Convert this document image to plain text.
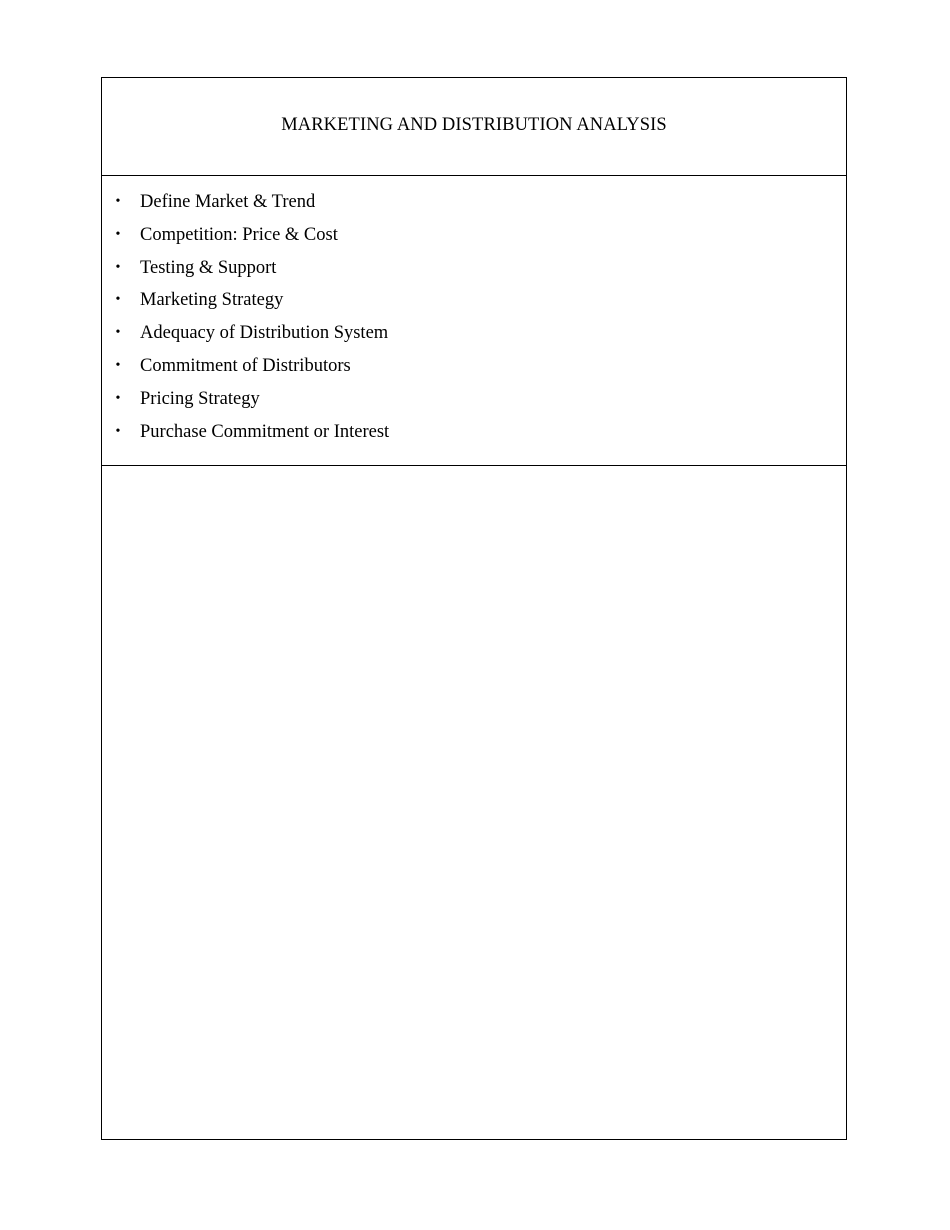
MARKETING AND DISTRIBUTION ANALYSIS
• Define Market & Trend
• Competition: Price & Cost
• Testing & Support
• Marketing Strategy
• Adequacy of Distribution System
• Commitment of Distributors
• Pricing Strategy
• Purchase Commitment or Interest
